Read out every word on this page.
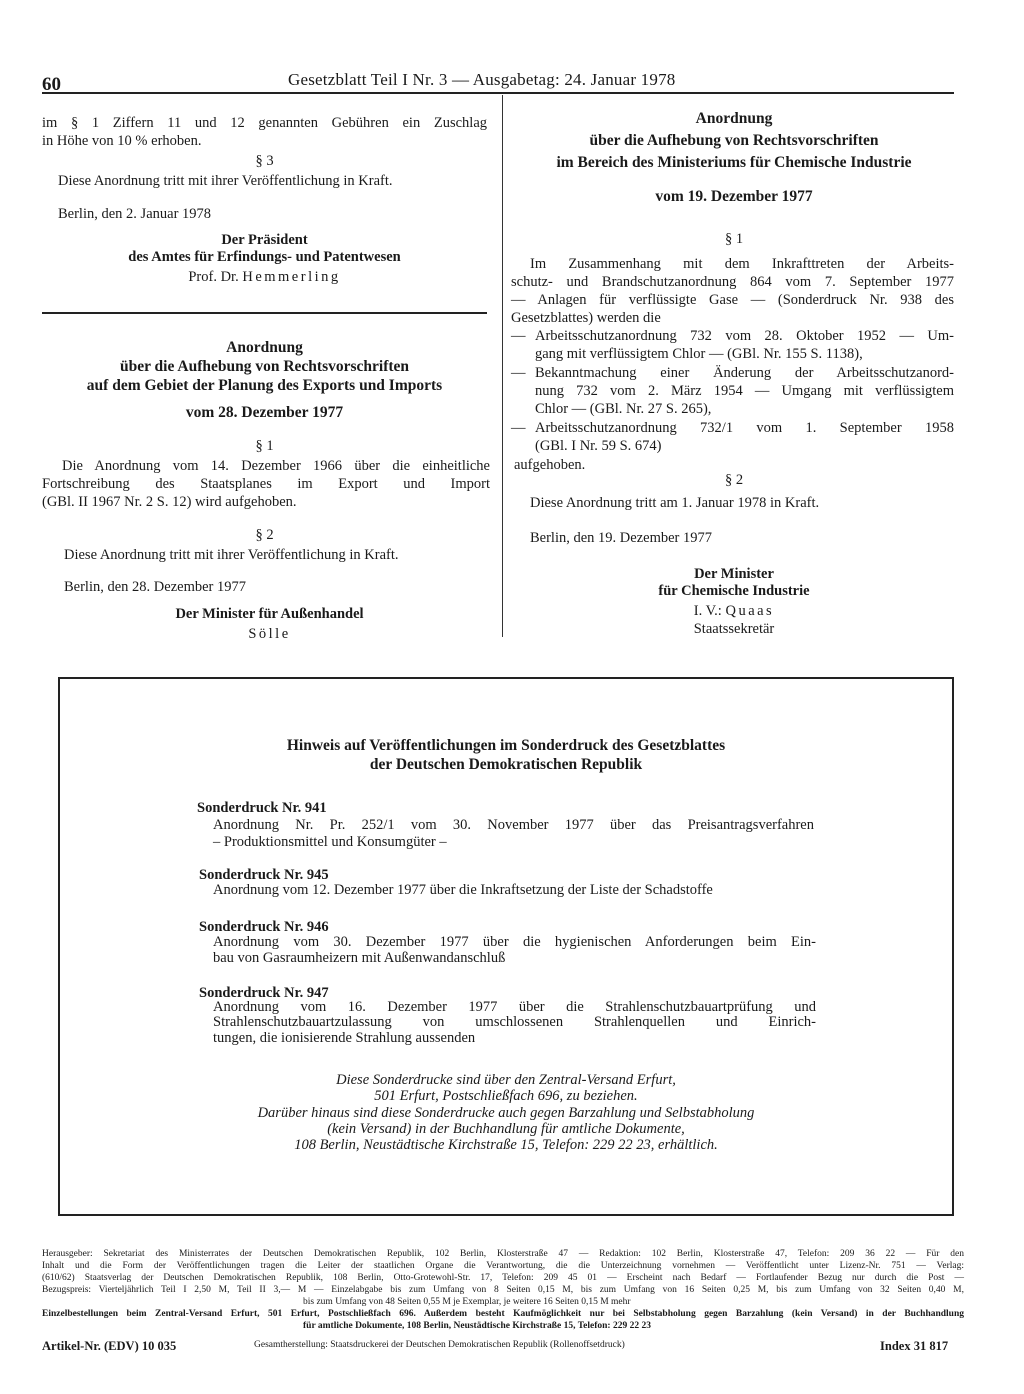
60	Gesetzblatt Teil I Nr. 3 — Ausgabetag: 24. Januar 1978
im § 1 Ziffern 11 und 12 genannten Gebühren ein Zuschlag
in Höhe von 10 % erhoben.
§ 3
Diese Anordnung tritt mit ihrer Veröffentlichung in Kraft.
Berlin, den 2. Januar 1978
Der Präsident
des Amtes für Erfindungs- und Patentwesen
Prof. Dr. Hemmerling
Anordnung
über die Aufhebung von Rechtsvorschriften
auf dem Gebiet der Planung des Exports und Imports
vom 28. Dezember 1977
§ 1
Die Anordnung vom 14. Dezember 1966 über die einheitliche
Fortschreibung des Staatsplanes im Export und Import
(GBl. II 1967 Nr. 2 S. 12) wird aufgehoben.
§ 2
Diese Anordnung tritt mit ihrer Veröffentlichung in Kraft.
Berlin, den 28. Dezember 1977
Der Minister für Außenhandel
Sölle
Anordnung
über die Aufhebung von Rechtsvorschriften
im Bereich des Ministeriums für Chemische Industrie
vom 19. Dezember 1977
§ 1
Im Zusammenhang mit dem Inkrafttreten der Arbeits-
schutz- und Brandschutzanordnung 864 vom 7. September 1977
— Anlagen für verflüssigte Gase — (Sonderdruck Nr. 938 des
Gesetzblattes) werden die
— Arbeitsschutzanordnung 732 vom 28. Oktober 1952 — Um-
gang mit verflüssigtem Chlor — (GBl. Nr. 155 S. 1138),
— Bekanntmachung einer Änderung der Arbeitsschutzanord-
nung 732 vom 2. März 1954 — Umgang mit verflüssigtem
Chlor — (GBl. Nr. 27 S. 265),
— Arbeitsschutzanordnung 732/1 vom 1. September 1958
(GBl. I Nr. 59 S. 674)
aufgehoben.
§ 2
Diese Anordnung tritt am 1. Januar 1978 in Kraft.
Berlin, den 19. Dezember 1977
Der Minister
für Chemische Industrie
I. V.: Quaas
Staatssekretär
Hinweis auf Veröffentlichungen im Sonderdruck des Gesetzblattes
der Deutschen Demokratischen Republik
Sonderdruck Nr. 941
Anordnung Nr. Pr. 252/1 vom 30. November 1977 über das Preisantragsverfahren
– Produktionsmittel und Konsumgüter –
Sonderdruck Nr. 945
Anordnung vom 12. Dezember 1977 über die Inkraftsetzung der Liste der Schadstoffe
Sonderdruck Nr. 946
Anordnung vom 30. Dezember 1977 über die hygienischen Anforderungen beim Ein-
bau von Gasraumheizern mit Außenwandanschluß
Sonderdruck Nr. 947
Anordnung vom 16. Dezember 1977 über die Strahlenschutzbauartprüfung und
Strahlenschutzbauartzulassung von umschlossenen Strahlenquellen und Einrich-
tungen, die ionisierende Strahlung aussenden
Diese Sonderdrucke sind über den Zentral-Versand Erfurt,
501 Erfurt, Postschließfach 696, zu beziehen.
Darüber hinaus sind diese Sonderdrucke auch gegen Barzahlung und Selbstabholung
(kein Versand) in der Buchhandlung für amtliche Dokumente,
108 Berlin, Neustädtische Kirchstraße 15, Telefon: 229 22 23, erhältlich.
Herausgeber: Sekretariat des Ministerrates der Deutschen Demokratischen Republik, 102 Berlin, Klosterstraße 47 — Redaktion: 102 Berlin, Klosterstraße 47, Telefon: 209 36 22 — Für den
Inhalt und die Form der Veröffentlichungen tragen die Leiter der staatlichen Organe die Verantwortung, die die Unterzeichnung vornehmen — Veröffentlicht unter Lizenz-Nr. 751 — Verlag:
(610/62) Staatsverlag der Deutschen Demokratischen Republik, 108 Berlin, Otto-Grotewohl-Str. 17, Telefon: 209 45 01 — Erscheint nach Bedarf — Fortlaufender Bezug nur durch die Post —
Bezugspreis: Vierteljährlich Teil I 2,50 M, Teil II 3,— M — Einzelabgabe bis zum Umfang von 8 Seiten 0,15 M, bis zum Umfang von 16 Seiten 0,25 M, bis zum Umfang von 32 Seiten 0,40 M,
bis zum Umfang von 48 Seiten 0,55 M je Exemplar, je weitere 16 Seiten 0,15 M mehr
Einzelbestellungen beim Zentral-Versand Erfurt, 501 Erfurt, Postschließfach 696. Außerdem besteht Kaufmöglichkeit nur bei Selbstabholung gegen Barzahlung (kein Versand) in der Buchhandlung
für amtliche Dokumente, 108 Berlin, Neustädtische Kirchstraße 15, Telefon: 229 22 23
Artikel-Nr. (EDV) 10 035	Gesamtherstellung: Staatsdruckerei der Deutschen Demokratischen Republik (Rollenoffsetdruck)	Index 31 817
